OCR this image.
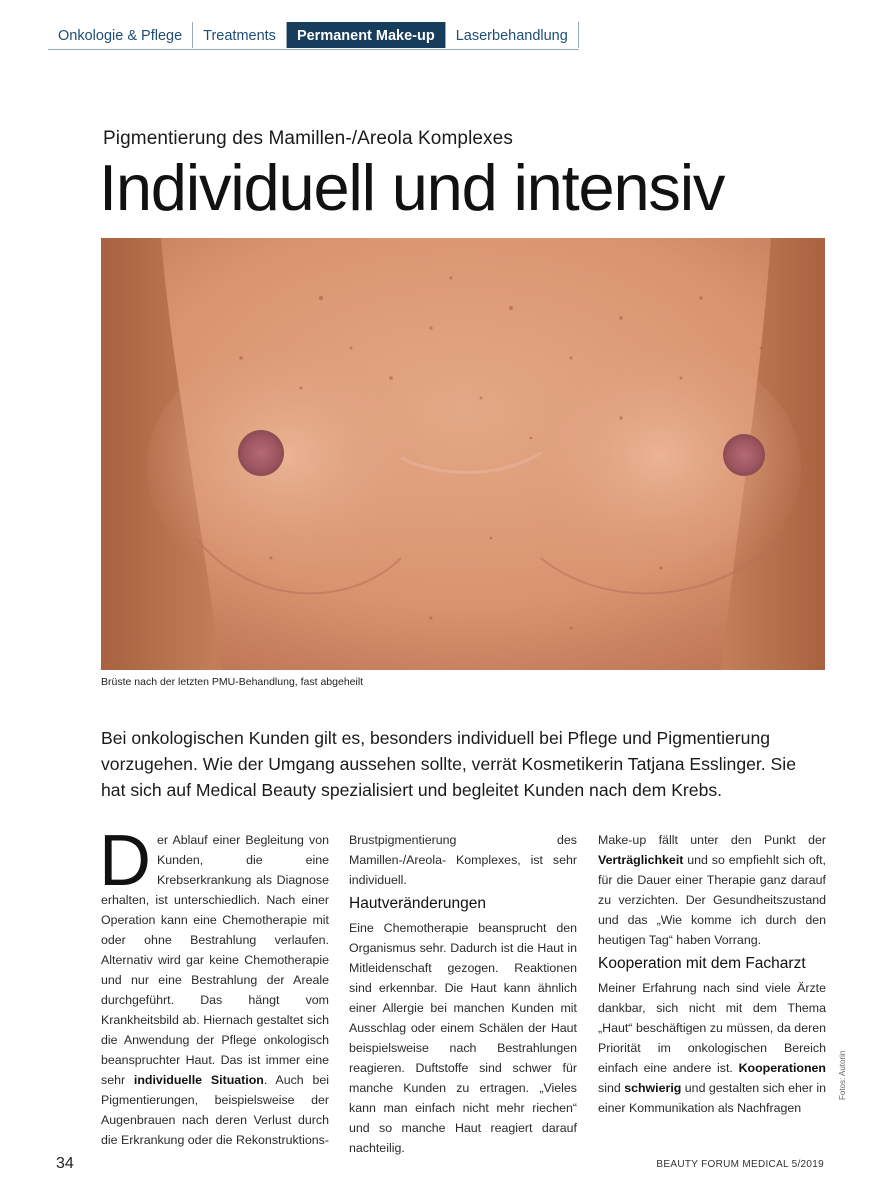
Onkologie & Pflege	Treatments	Permanent Make-up	Laserbehandlung
Pigmentierung des Mamillen-/Areola Komplexes
Individuell und intensiv
Brüste nach der letzten PMU-Behandlung, fast abgeheilt

Bei onkologischen Kunden gilt es, besonders individuell bei Pflege und Pigmentierung vorzugehen. Wie der Umgang aussehen sollte, verrät Kosmetikerin Tatjana Esslinger. Sie hat sich auf Medical Beauty spezialisiert und begleitet Kunden nach dem Krebs.

Der Ablauf einer Begleitung von Kunden, die eine Krebserkrankung als Diagnose erhalten, ist unterschiedlich. Nach einer Operation kann eine Chemotherapie mit oder ohne Bestrahlung verlaufen. Alternativ wird gar keine Chemotherapie und nur eine Bestrahlung der Areale durchgeführt. Das hängt vom Krankheitsbild ab. Hiernach gestaltet sich die Anwendung der Pflege onkologisch beanspruchter Haut. Das ist immer eine sehr individuelle Situation. Auch bei Pigmentierungen, beispielsweise der Augenbrauen nach deren Verlust durch die Erkrankung oder die Rekonstruktions-

Brustpigmentierung des Mamillen-/Areola- Komplexes, ist sehr individuell.

Hautveränderungen

Eine Chemotherapie beansprucht den Organismus sehr. Dadurch ist die Haut in Mitleidenschaft gezogen. Reaktionen sind erkennbar. Die Haut kann ähnlich einer Allergie bei manchen Kunden mit Ausschlag oder einem Schälen der Haut beispielsweise nach Bestrahlungen reagieren. Duftstoffe sind schwer für manche Kunden zu ertragen. „Vieles kann man einfach nicht mehr riechen“ und so manche Haut reagiert darauf nachteilig.

Make-up fällt unter den Punkt der Verträglichkeit und so empfiehlt sich oft, für die Dauer einer Therapie ganz darauf zu verzichten. Der Gesundheitszustand und das „Wie komme ich durch den heutigen Tag“ haben Vorrang.

Kooperation mit dem Facharzt

Meiner Erfahrung nach sind viele Ärzte dankbar, sich nicht mit dem Thema „Haut“ beschäftigen zu müssen, da deren Priorität im onkologischen Bereich einfach eine andere ist. Kooperationen sind schwierig und gestalten sich eher in einer Kommunikation als Nachfragen

Fotos: Autorin
34	BEAUTY FORUM MEDICAL 5/2019
